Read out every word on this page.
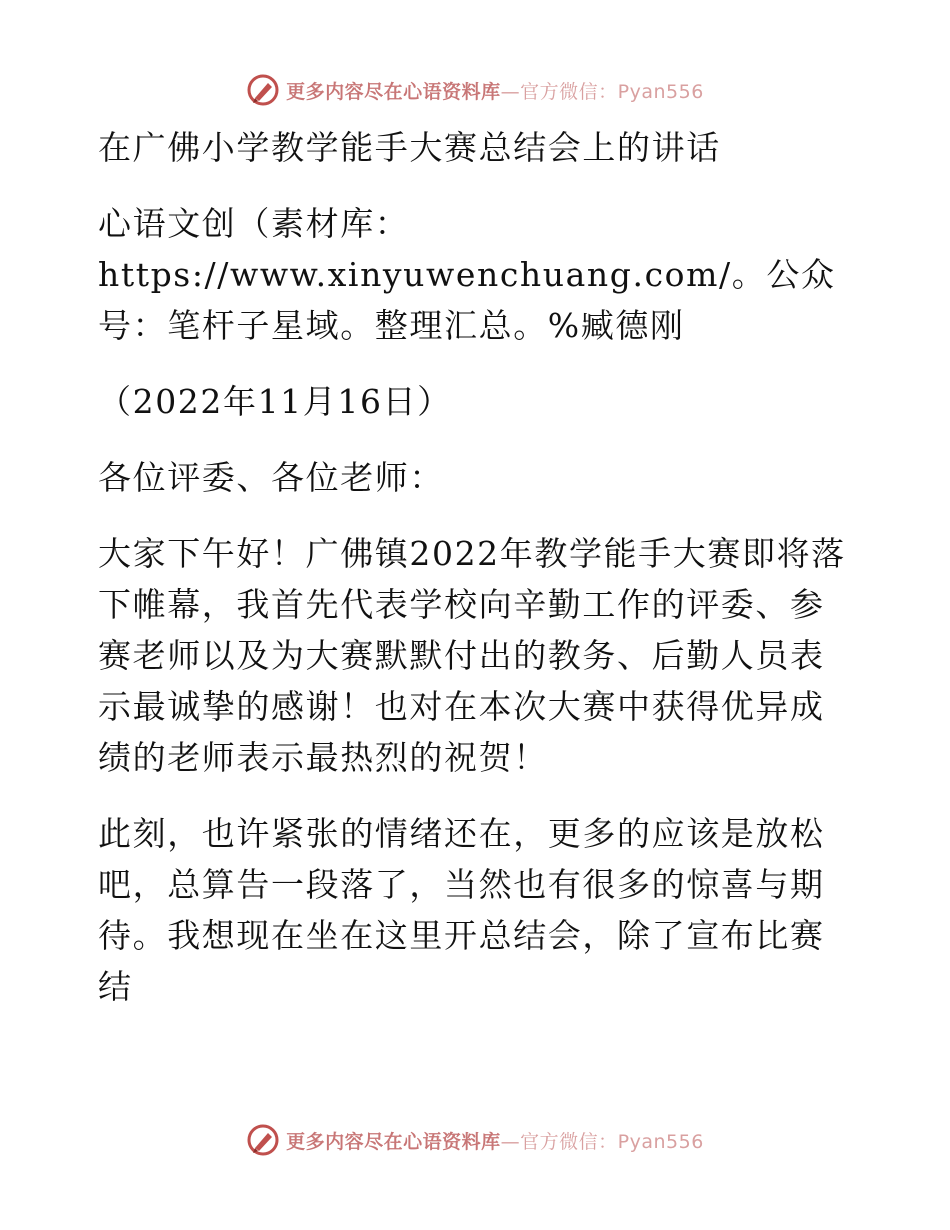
更多内容尽在心语资料库—官方微信：Pyan556

在广佛小学教学能手大赛总结会上的讲话

心语文创（素材库：https://www.xinyuwenchuang.com/。公众号：笔杆子星域。整理汇总。%臧德刚

（2022年11月16日）

各位评委、各位老师：

大家下午好！广佛镇2022年教学能手大赛即将落下帷幕，我首先代表学校向辛勤工作的评委、参赛老师以及为大赛默默付出的教务、后勤人员表示最诚挚的感谢！也对在本次大赛中获得优异成绩的老师表示最热烈的祝贺！

此刻，也许紧张的情绪还在，更多的应该是放松吧，总算告一段落了，当然也有很多的惊喜与期待。我想现在坐在这里开总结会，除了宣布比赛结

更多内容尽在心语资料库—官方微信：Pyan556
